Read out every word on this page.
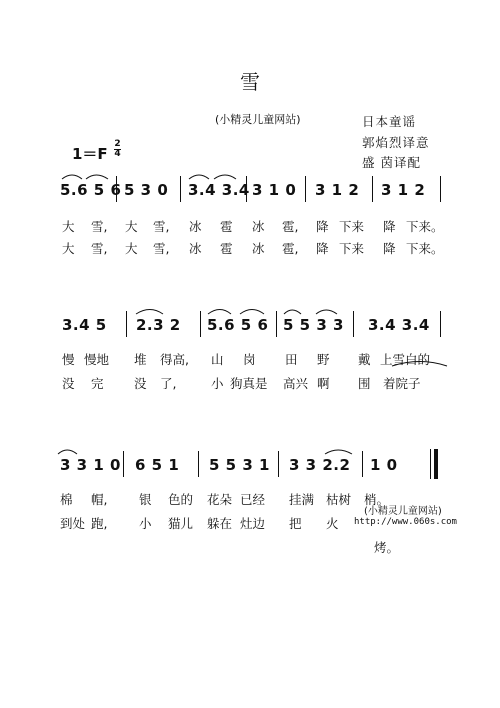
雪
(小精灵儿童网站)	日本童谣
郭焰烈译意
盛 茵译配
1＝F
2
4
5.6 5 6 5 3 0 3.4 3.4 3 1 0 3 1 2 3 1 2
大 雪, 大 雪, 冰 雹 冰 雹, 降 下来 降 下来。
大 雪, 大 雪, 冰 雹 冰 雹, 降 下来 降 下来。
3.4 5 2.3 2 5.6 5 6 5 5 3 3 3.4 3.4
慢 慢地 堆 得高, 山 岗 田 野 戴 上雪白的
没 完 没 了,	小 狗真是 高兴 啊 围 着院子
3 3 1 0 6 5 1 5 5 3 1 3 3 2.2 1 0
棉 帽,	银 色的 花朵 已经 挂满 枯树 梢。
到处 跑,	小 猫儿 躲在 灶边 把 火
烤。
(小精灵儿童网站)
http://www.060s.com
